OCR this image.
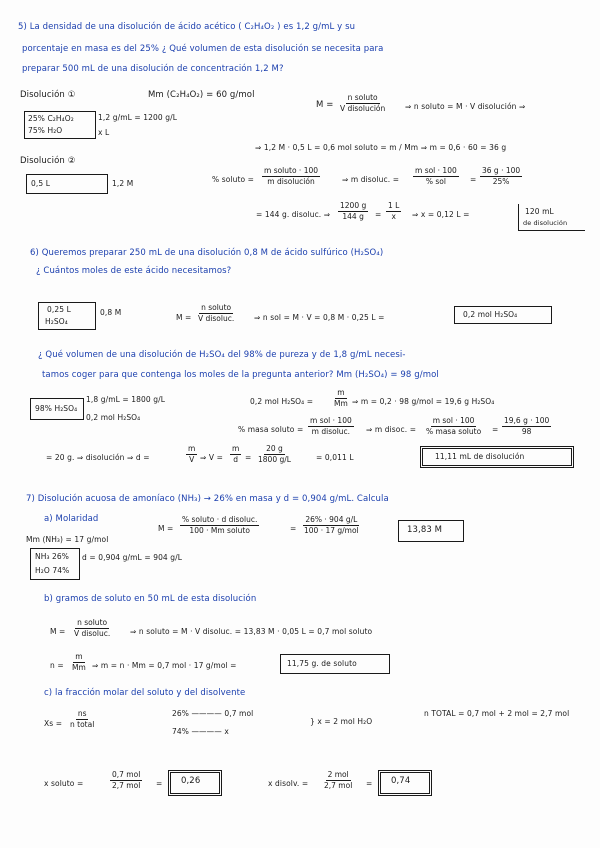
5) La densidad de una disolución de ácido acético ( C₂H₄O₂ ) es 1,2 g/mL y su
porcentaje en masa es del 25% ¿ Qué volumen de esta disolución se necesita para
preparar 500 mL de una disolución de concentración 1,2 M?
Disolución ①	Mm (C₂H₄O₂) = 60 g/mol
25% C₂H₄O₂
75% H₂O
1,2 g/mL = 1200 g/L
x L
Disolución ②
0,5 L	1,2 M
M =
n soluto
V disolución	⇒ n soluto = M · V disolución ⇒
⇒ 1,2 M · 0,5 L = 0,6 mol soluto = m / Mm ⇒ m = 0,6 · 60 = 36 g
% soluto =
m soluto · 100
m disolución	⇒ m disoluc. =
m sol · 100
% sol	= $\frac{36 g \cdot 100}{25\%}$
= 144 g. disoluc. ⇒ $\frac{1200 g}{144 g} = \frac{1 L}{x}$ ⇒ x = 0,12 L =	120 mL
de disolución
6) Queremos preparar 250 mL de una disolución 0,8 M de ácido sulfúrico (H₂SO₄)
¿ Cuántos moles de este ácido necesitamos?
0,25 L
H₂SO₄
0,8 M
M =
n soluto
V disoluc.	⇒ n sol = M · V = 0,8 M · 0,25 L =	0,2 mol H₂SO₄
¿ Qué volumen de una disolución de H₂SO₄ del 98% de pureza y de 1,8 g/mL necesi-
tamos coger para que contenga los moles de la pregunta anterior? Mm (H₂SO₄) = 98 g/mol
98% H₂SO₄
1,8 g/mL = 1800 g/L
0,2 mol H₂SO₄
0,2 mol H₂SO₄ =	$\frac{m}{Mm}$ ⇒ m = 0,2 · 98 g/mol = 19,6 g H₂SO₄
% masa soluto =
m sol · 100
m disoluc. ⇒ m disoc. =
m sol · 100
% masa soluto = $\frac{19,6 g \cdot 100}{98}$
= 20 g. ⇒ disolución ⇒ d =	$\frac{m}{V}$ ⇒ $V = \frac{m}{d} = \frac{20 g}{1800 g/L}$	= 0,011 L	11,11 mL de disolución
7) Disolución acuosa de amoníaco (NH₃) → 26% en masa y d = 0,904 g/mL. Calcula
a) Molaridad
Mm (NH₃) = 17 g/mol
NH₃ 26%
H₂O 74%
d = 0,904 g/mL = 904 g/L
M =
% soluto · d disoluc.
100 · Mm soluto	=
26% · 904 g/L
100 · 17 g/mol	13,83 M
b) gramos de soluto en 50 mL de esta disolución
M =
n soluto
V disoluc.	⇒ n soluto = M · V disoluc. = 13,83 M · 0,05 L = 0,7 mol soluto
$n = \frac{m}{Mm}$ ⇒ m = n · Mm = 0,7 mol · 17 g/mol =	11,75 g. de soluto
c) la fracción molar del soluto y del disolvente
Xs =
ns
n total
26% ———— 0,7 mol
74% ———— x
} x = 2 mol H₂O
n TOTAL = 0,7 mol + 2 mol = 2,7 mol
x soluto =
0,7 mol
2,7 mol = 0,26	x disolv. =
2 mol
2,7 mol = 0,74
